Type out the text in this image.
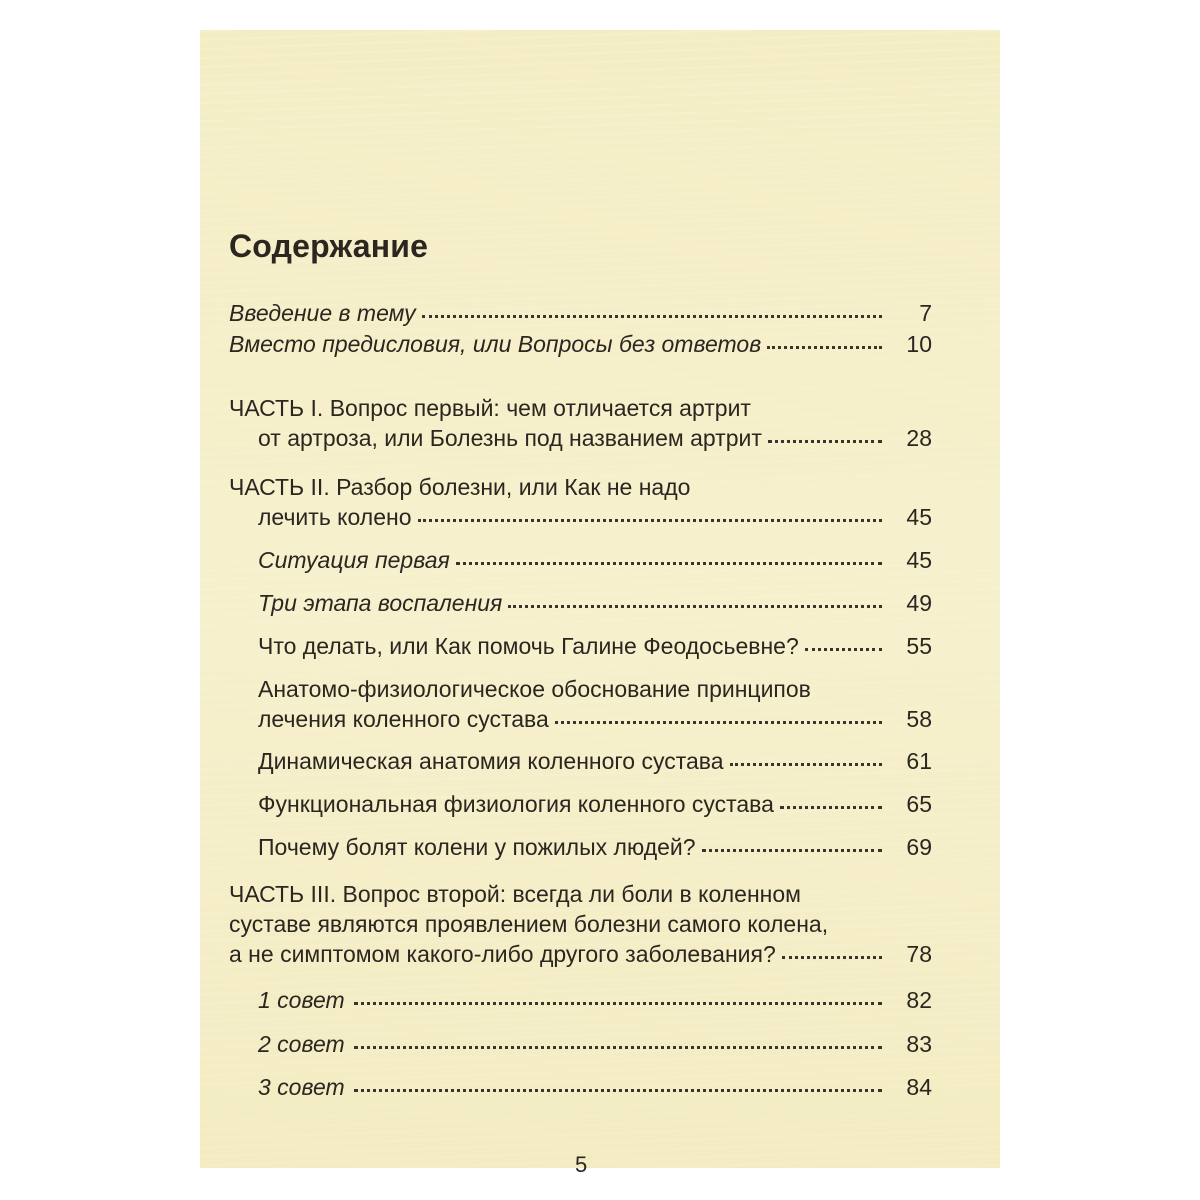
Содержание
Введение в тему	7
Вместо предисловия, или Вопросы без ответов	10
ЧАСТЬ I. Вопрос первый: чем отличается артрит
от артроза, или Болезнь под названием артрит	28
ЧАСТЬ II. Разбор болезни, или Как не надо
лечить колено	45
Ситуация первая	45
Три этапа воспаления	49
Что делать, или Как помочь Галине Феодосьевне?	55
Анатомо-физиологическое обоснование принципов
лечения коленного сустава	58
Динамическая анатомия коленного сустава	61
Функциональная физиология коленного сустава	65
Почему болят колени у пожилых людей?	69
ЧАСТЬ III. Вопрос второй: всегда ли боли в коленном
суставе являются проявлением болезни самого колена,
а не симптомом какого-либо другого заболевания?	78
1 совет	82
2 совет	83
3 совет	84
5
